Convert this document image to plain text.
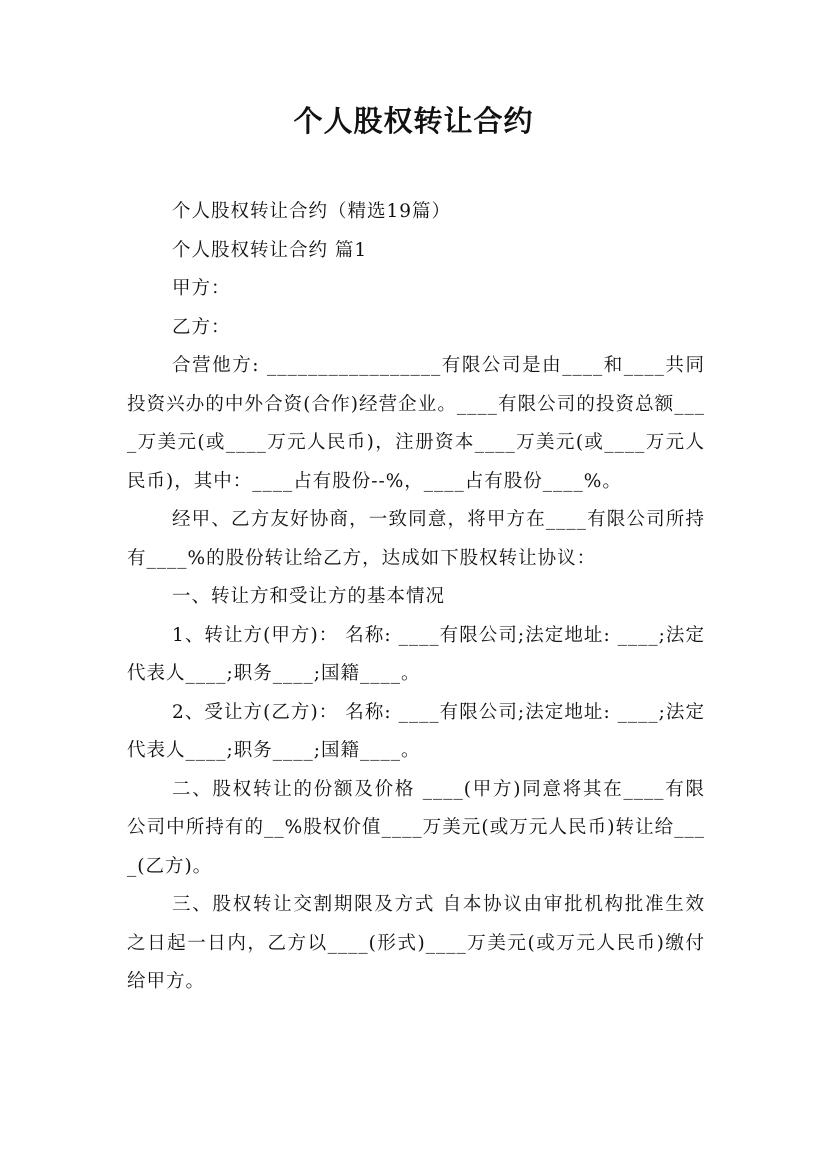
个人股权转让合约

个人股权转让合约（精选19篇）

个人股权转让合约 篇1

甲方：

乙方：

合营他方: _________________有限公司是由____和____共同投资兴办的中外合资(合作)经营企业。____有限公司的投资总额____万美元(或____万元人民币)，注册资本____万美元(或____万元人民币)，其中：____占有股份--%，____占有股份____%。

经甲、乙方友好协商，一致同意，将甲方在____有限公司所持有____%的股份转让给乙方，达成如下股权转让协议：

一、转让方和受让方的基本情况

1、转让方(甲方)： 名称: ____有限公司;法定地址: ____;法定代表人____;职务____;国籍____。

2、受让方(乙方)： 名称: ____有限公司;法定地址: ____;法定代表人____;职务____;国籍____。

二、股权转让的份额及价格 ____(甲方)同意将其在____有限公司中所持有的__%股权价值____万美元(或万元人民币)转让给____(乙方)。

三、股权转让交割期限及方式 自本协议由审批机构批准生效之日起一日内，乙方以____(形式)____万美元(或万元人民币)缴付给甲方。
